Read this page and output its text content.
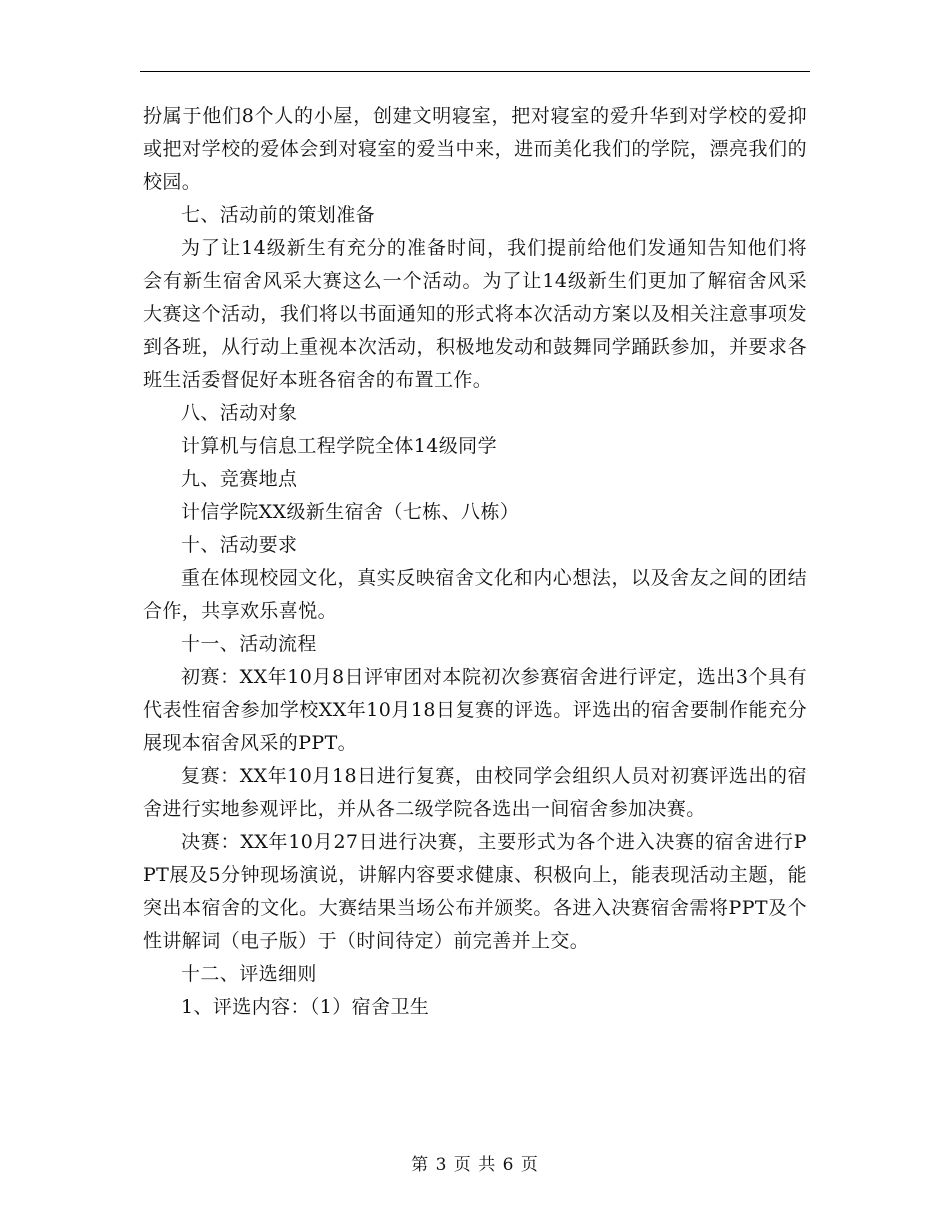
扮属于他们8个人的小屋，创建文明寝室，把对寝室的爱升华到对学校的爱抑或把对学校的爱体会到对寝室的爱当中来，进而美化我们的学院，漂亮我们的校园。

七、活动前的策划准备

为了让14级新生有充分的准备时间，我们提前给他们发通知告知他们将会有新生宿舍风采大赛这么一个活动。为了让14级新生们更加了解宿舍风采大赛这个活动，我们将以书面通知的形式将本次活动方案以及相关注意事项发到各班，从行动上重视本次活动，积极地发动和鼓舞同学踊跃参加，并要求各班生活委督促好本班各宿舍的布置工作。

八、活动对象

计算机与信息工程学院全体14级同学

九、竞赛地点

计信学院XX级新生宿舍（七栋、八栋）

十、活动要求

重在体现校园文化，真实反映宿舍文化和内心想法，以及舍友之间的团结合作，共享欢乐喜悦。

十一、活动流程

初赛：XX年10月8日评审团对本院初次参赛宿舍进行评定，选出3个具有代表性宿舍参加学校XX年10月18日复赛的评选。评选出的宿舍要制作能充分展现本宿舍风采的PPT。

复赛：XX年10月18日进行复赛，由校同学会组织人员对初赛评选出的宿舍进行实地参观评比，并从各二级学院各选出一间宿舍参加决赛。

决赛：XX年10月27日进行决赛，主要形式为各个进入决赛的宿舍进行PPT展及5分钟现场演说，讲解内容要求健康、积极向上，能表现活动主题，能突出本宿舍的文化。大赛结果当场公布并颁奖。各进入决赛宿舍需将PPT及个性讲解词（电子版）于（时间待定）前完善并上交。

十二、评选细则

1、评选内容：（1）宿舍卫生

第 3 页 共 6 页
